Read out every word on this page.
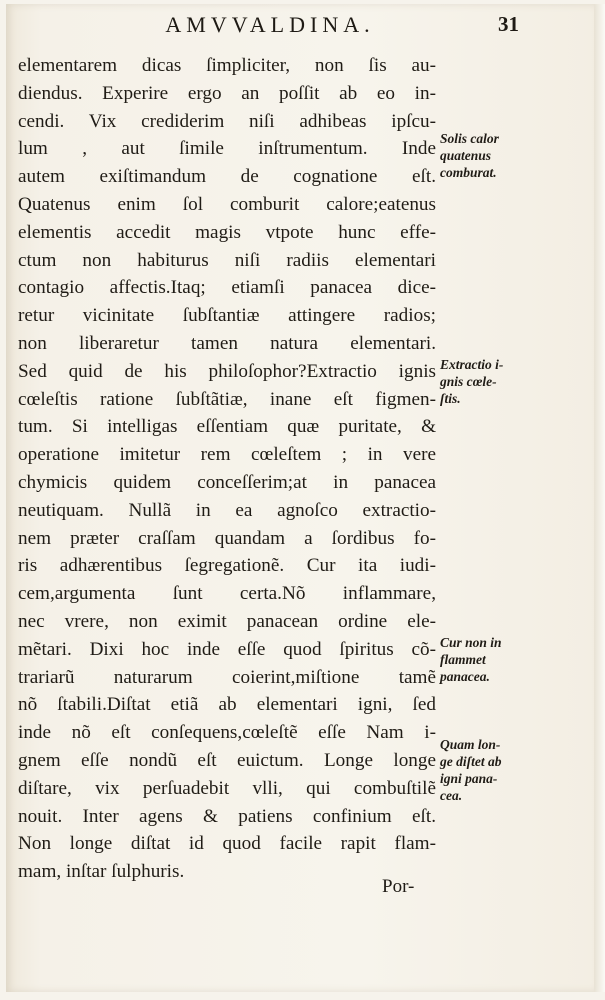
AMVVALDINA.	31
elementarem dicas ſimpliciter, non ſis au-
diendus. Experire ergo an poſſit ab eo in-
cendi. Vix crediderim niſi adhibeas ipſcu-
lum , aut ſimile inſtrumentum. Inde
autem exiſtimandum de cognatione eſt.
Quatenus enim ſol comburit calore;eatenus
elementis accedit magis vtpote hunc effe-
ctum non habiturus niſi radiis elementari
contagio affectis.Itaq; etiamſi panacea dice-
retur vicinitate ſubſtantiæ attingere radios;
non liberaretur tamen natura elementari.
Sed quid de his philoſophor?Extractio ignis
cœleſtis ratione ſubſtãtiæ, inane eſt figmen-
tum. Si intelligas eſſentiam quæ puritate, &
operatione imitetur rem cœleſtem ; in vere
chymicis quidem conceſſerim;at in panacea
neutiquam. Nullã in ea agnoſco extractio-
nem præter craſſam quandam a ſordibus fo-
ris adhærentibus ſegregationẽ. Cur ita iudi-
cem,argumenta ſunt certa.Nõ inflammare,
nec vrere, non eximit panacean ordine ele-
mẽtari. Dixi hoc inde eſſe quod ſpiritus cõ-
trariarũ naturarum coierint,miſtione tamẽ
nõ ſtabili.Diſtat etiã ab elementari igni, ſed
inde nõ eſt conſequens,cœleſtẽ eſſe Nam i-
gnem eſſe nondũ eſt euictum. Longe longe
diſtare, vix perſuadebit vlli, qui combuſtilẽ
nouit. Inter agens & patiens confinium eſt.
Non longe diſtat id quod facile rapit flam-
mam, inſtar ſulphuris.

Solis calor
quatenus
comburat.

Extractio i-
gnis cœle-
ſtis.

Cur non in
flammet
panacea.

Quam lon-
ge diſtet ab
igni pana-
cea.

Por-
